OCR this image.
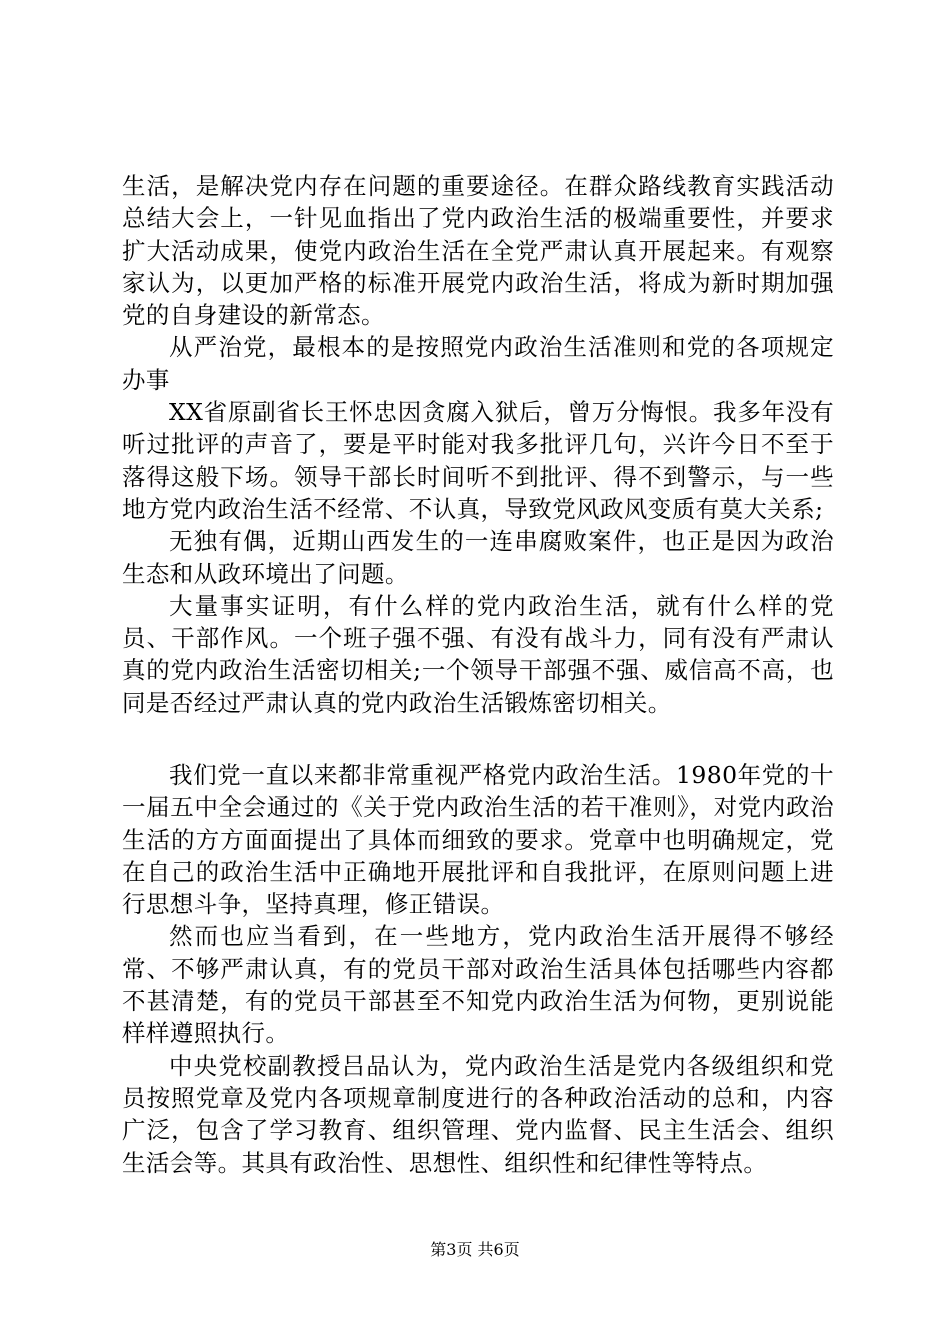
生活，是解决党内存在问题的重要途径。在群众路线教育实践活动总结大会上，一针见血指出了党内政治生活的极端重要性，并要求扩大活动成果，使党内政治生活在全党严肃认真开展起来。有观察家认为，以更加严格的标准开展党内政治生活，将成为新时期加强党的自身建设的新常态。

从严治党，最根本的是按照党内政治生活准则和党的各项规定办事

XX省原副省长王怀忠因贪腐入狱后，曾万分悔恨。我多年没有听过批评的声音了，要是平时能对我多批评几句，兴许今日不至于落得这般下场。领导干部长时间听不到批评、得不到警示，与一些地方党内政治生活不经常、不认真，导致党风政风变质有莫大关系;

无独有偶，近期山西发生的一连串腐败案件，也正是因为政治生态和从政环境出了问题。

大量事实证明，有什么样的党内政治生活，就有什么样的党员、干部作风。一个班子强不强、有没有战斗力，同有没有严肃认真的党内政治生活密切相关;一个领导干部强不强、威信高不高，也同是否经过严肃认真的党内政治生活锻炼密切相关。

我们党一直以来都非常重视严格党内政治生活。1980年党的十一届五中全会通过的《关于党内政治生活的若干准则》，对党内政治生活的方方面面提出了具体而细致的要求。党章中也明确规定，党在自己的政治生活中正确地开展批评和自我批评，在原则问题上进行思想斗争，坚持真理，修正错误。

然而也应当看到，在一些地方，党内政治生活开展得不够经常、不够严肃认真，有的党员干部对政治生活具体包括哪些内容都不甚清楚，有的党员干部甚至不知党内政治生活为何物，更别说能样样遵照执行。

中央党校副教授吕品认为，党内政治生活是党内各级组织和党员按照党章及党内各项规章制度进行的各种政治活动的总和，内容广泛，包含了学习教育、组织管理、党内监督、民主生活会、组织生活会等。其具有政治性、思想性、组织性和纪律性等特点。

第3页 共6页
